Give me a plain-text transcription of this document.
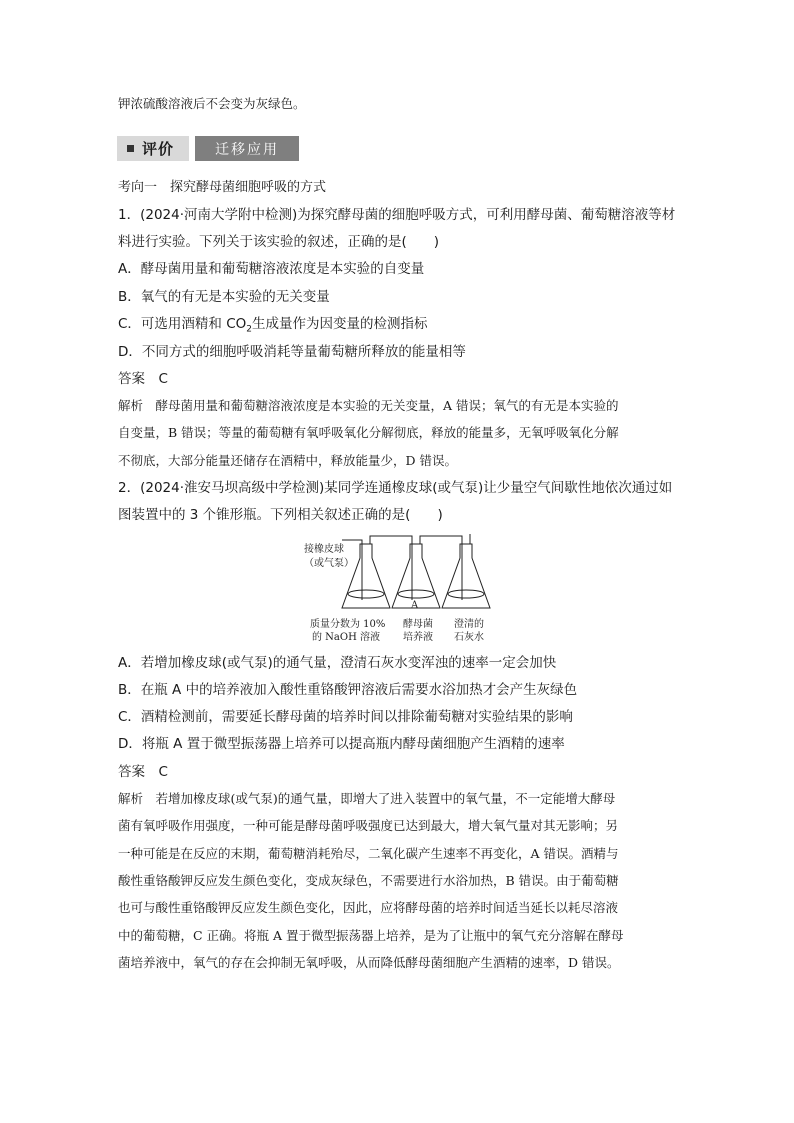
钾浓硫酸溶液后不会变为灰绿色。
评价	迁移应用
考向一　探究酵母菌细胞呼吸的方式
1．(2024·河南大学附中检测)为探究酵母菌的细胞呼吸方式，可利用酵母菌、葡萄糖溶液等材
料进行实验。下列关于该实验的叙述，正确的是(　　)
A．酵母菌用量和葡萄糖溶液浓度是本实验的自变量
B．氧气的有无是本实验的无关变量
C．可选用酒精和 $CO_2$生成量作为因变量的检测指标
D．不同方式的细胞呼吸消耗等量葡萄糖所释放的能量相等
答案　C
解析　酵母菌用量和葡萄糖溶液浓度是本实验的无关变量，A 错误；氧气的有无是本实验的
自变量，B 错误；等量的葡萄糖有氧呼吸氧化分解彻底，释放的能量多，无氧呼吸氧化分解
不彻底，大部分能量还储存在酒精中，释放能量少，D 错误。
2．(2024·淮安马坝高级中学检测)某同学连通橡皮球(或气泵)让少量空气间歇性地依次通过如
图装置中的 3 个锥形瓶。下列相关叙述正确的是(　　)
接橡皮球
（或气泵）
A
质量分数为 10%
的 NaOH 溶液
酵母菌
培养液
澄清的
石灰水
A．若增加橡皮球(或气泵)的通气量，澄清石灰水变浑浊的速率一定会加快
B．在瓶 A 中的培养液加入酸性重铬酸钾溶液后需要水浴加热才会产生灰绿色
C．酒精检测前，需要延长酵母菌的培养时间以排除葡萄糖对实验结果的影响
D．将瓶 A 置于微型振荡器上培养可以提高瓶内酵母菌细胞产生酒精的速率
答案　C
解析　若增加橡皮球(或气泵)的通气量，即增大了进入装置中的氧气量，不一定能增大酵母
菌有氧呼吸作用强度，一种可能是酵母菌呼吸强度已达到最大，增大氧气量对其无影响；另
一种可能是在反应的末期，葡萄糖消耗殆尽，二氧化碳产生速率不再变化，A 错误。酒精与
酸性重铬酸钾反应发生颜色变化，变成灰绿色，不需要进行水浴加热，B 错误。由于葡萄糖
也可与酸性重铬酸钾反应发生颜色变化，因此，应将酵母菌的培养时间适当延长以耗尽溶液
中的葡萄糖，C 正确。将瓶 A 置于微型振荡器上培养，是为了让瓶中的氧气充分溶解在酵母
菌培养液中，氧气的存在会抑制无氧呼吸，从而降低酵母菌细胞产生酒精的速率，D 错误。
